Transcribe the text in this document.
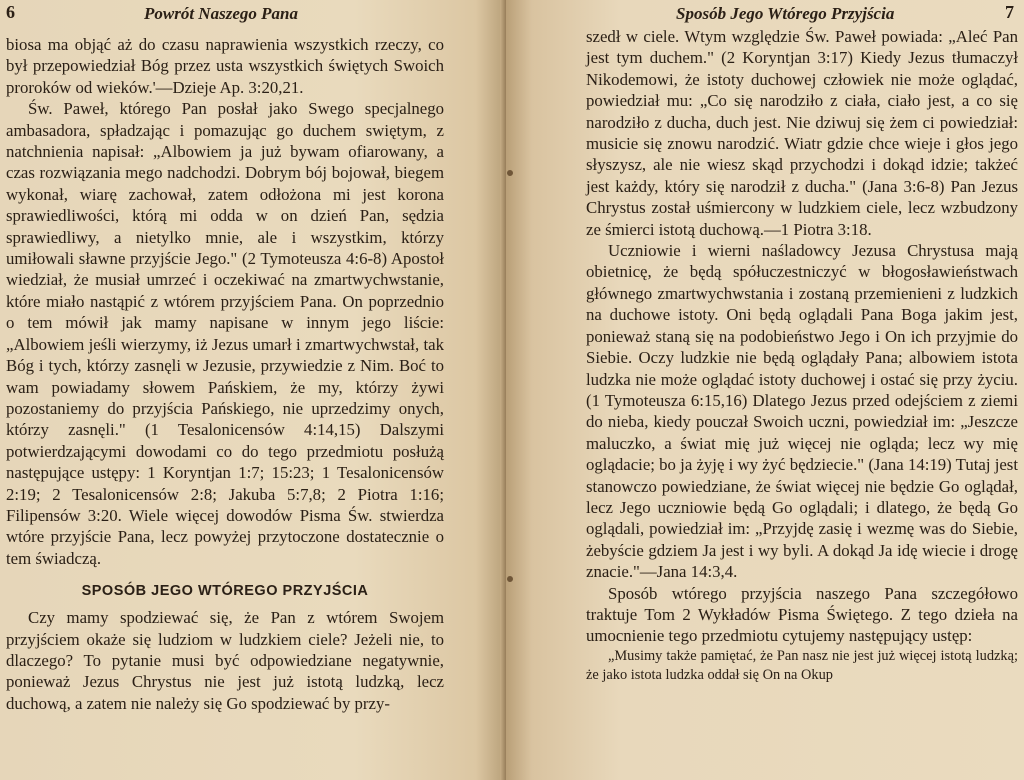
6	Powrót Naszego Pana

biosa ma objąć aż do czasu naprawienia wszystkich rzeczy, co był przepowiedział Bóg przez usta wszystkich świętych Swoich proroków od wieków.'—Dzieje Ap. 3:20,21.

Św. Paweł, którego Pan posłał jako Swego specjalnego ambasadora, spładzając i pomazując go duchem swiętym, z natchnienia napisał: „Albowiem ja już bywam ofiarowany, a czas rozwiązania mego nadchodzi. Dobrym bój bojował, biegem wykonał, wiarę zachował, zatem odłożona mi jest korona sprawiedliwości, którą mi odda w on dzień Pan, sędzia sprawiedliwy, a nietylko mnie, ale i wszystkim, którzy umiłowali sławne przyjście Jego." (2 Tymoteusza 4:6-8) Apostoł wiedział, że musiał umrzeć i oczekiwać na zmartwychwstanie, które miało nastąpić z wtórem przyjściem Pana. On poprzednio o tem mówił jak mamy napisane w innym jego liście: „Albowiem jeśli wierzymy, iż Jezus umarł i zmartwychwstał, tak Bóg i tych, którzy zasnęli w Jezusie, przywiedzie z Nim. Boć to wam powiadamy słowem Pańskiem, że my, którzy żywi pozostaniemy do przyjścia Pańskiego, nie uprzedzimy onych, którzy zasnęli." (1 Tesalonicensów 4:14,15) Dalszymi potwierdzającymi dowodami co do tego przedmiotu posłużą następujące ustępy: 1 Koryntjan 1:7; 15:23; 1 Tesalonicensów 2:19; 2 Tesalonicensów 2:8; Jakuba 5:7,8; 2 Piotra 1:16; Filipensów 3:20. Wiele więcej dowodów Pisma Św. stwierdza wtóre przyjście Pana, lecz powyżej przytoczone dostatecznie o tem świadczą.

SPOSÓB JEGO WTÓREGO PRZYJŚCIA

Czy mamy spodziewać się, że Pan z wtórem Swojem przyjściem okaże się ludziom w ludzkiem ciele? Jeżeli nie, to dlaczego? To pytanie musi być odpowiedziane negatywnie, ponieważ Jezus Chrystus nie jest już istotą ludzką, lecz duchową, a zatem nie należy się Go spodziewać by przy-

Sposób Jego Wtórego Przyjścia	7

szedł w ciele. Wtym względzie Św. Paweł powiada: „Aleć Pan jest tym duchem." (2 Koryntjan 3:17) Kiedy Jezus tłumaczył Nikodemowi, że istoty duchowej człowiek nie może oglądać, powiedział mu: „Co się narodziło z ciała, ciało jest, a co się narodziło z ducha, duch jest. Nie dziwuj się żem ci powiedział: musicie się znowu narodzić. Wiatr gdzie chce wieje i głos jego słyszysz, ale nie wiesz skąd przychodzi i dokąd idzie; takżeć jest każdy, który się narodził z ducha." (Jana 3:6-8) Pan Jezus Chrystus został uśmiercony w ludzkiem ciele, lecz wzbudzony ze śmierci istotą duchową.—1 Piotra 3:18.

Uczniowie i wierni naśladowcy Jezusa Chrystusa mają obietnicę, że będą spółuczestniczyć w błogosławieństwach głównego zmartwychwstania i zostaną przemienieni z ludzkich na duchowe istoty. Oni będą oglądali Pana Boga jakim jest, ponieważ staną się na podobieństwo Jego i On ich przyjmie do Siebie. Oczy ludzkie nie będą oglądały Pana; albowiem istota ludzka nie może oglądać istoty duchowej i ostać się przy życiu. (1 Tymoteusza 6:15,16) Dlatego Jezus przed odejściem z ziemi do nieba, kiedy pouczał Swoich uczni, powiedział im: „Jeszcze maluczko, a świat mię już więcej nie ogląda; lecz wy mię oglądacie; bo ja żyję i wy żyć będziecie." (Jana 14:19) Tutaj jest stanowczo powiedziane, że świat więcej nie będzie Go oglądał, lecz Jego uczniowie będą Go oglądali; i dlatego, że będą Go oglądali, powiedział im: „Przyjdę zasię i wezmę was do Siebie, żebyście gdziem Ja jest i wy byli. A dokąd Ja idę wiecie i drogę znacie."—Jana 14:3,4.

Sposób wtórego przyjścia naszego Pana szczegółowo traktuje Tom 2 Wykładów Pisma Świętego. Z tego dzieła na umocnienie tego przedmiotu cytujemy następujący ustęp:

„Musimy także pamiętać, że Pan nasz nie jest już więcej istotą ludzką; że jako istota ludzka oddał się On na Okup
